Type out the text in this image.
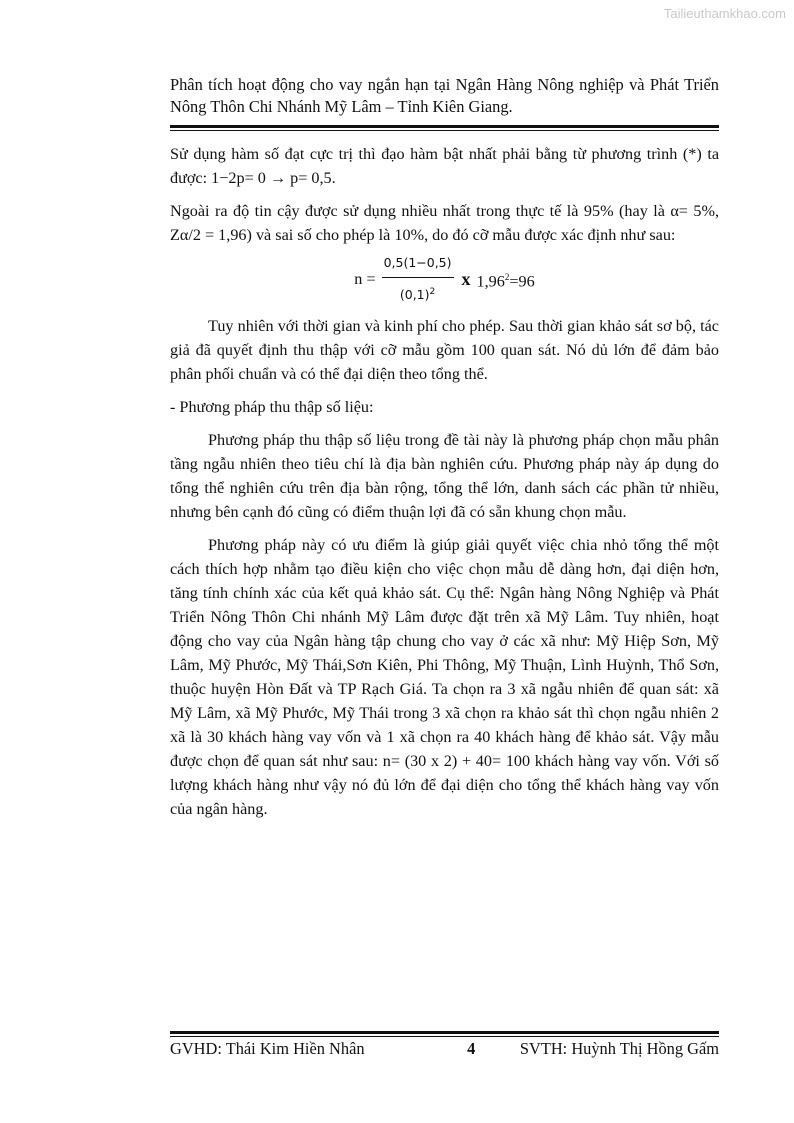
Tailieuthamkhao.com
Phân tích hoạt động cho vay ngắn hạn tại Ngân Hàng Nông nghiệp và Phát Triển Nông Thôn Chi Nhánh Mỹ Lâm – Tỉnh Kiên Giang.

Sử dụng hàm số đạt cực trị thì đạo hàm bật nhất phải bằng từ phương trình (*) ta được: 1−2p= 0 → p= 0,5.

Ngoài ra độ tin cậy được sử dụng nhiều nhất trong thực tế là 95% (hay là α= 5%, Zα/2 = 1,96) và sai số cho phép là 10%, do đó cỡ mẫu được xác định như sau:

$n = \frac{0,5(1-0,5)}{(0,1)^2}$ x $1,96^2=96$

Tuy nhiên với thời gian và kinh phí cho phép. Sau thời gian khảo sát sơ bộ, tác giả đã quyết định thu thập với cỡ mẫu gồm 100 quan sát. Nó dủ lớn để đảm bảo phân phối chuẩn và có thể đại diện theo tổng thể.

- Phương pháp thu thập số liệu:

Phương pháp thu thập số liệu trong đề tài này là phương pháp chọn mẫu phân tầng ngẫu nhiên theo tiêu chí là địa bàn nghiên cứu. Phương pháp này áp dụng do tổng thể nghiên cứu trên địa bàn rộng, tổng thể lớn, danh sách các phần tử nhiều, nhưng bên cạnh đó cũng có điểm thuận lợi đã có sẵn khung chọn mẫu.

Phương pháp này có ưu điểm là giúp giải quyết việc chia nhỏ tổng thể một cách thích hợp nhằm tạo điều kiện cho việc chọn mẫu dễ dàng hơn, đại diện hơn, tăng tính chính xác của kết quả khảo sát. Cụ thể: Ngân hàng Nông Nghiệp và Phát Triển Nông Thôn Chi nhánh Mỹ Lâm được đặt trên xã Mỹ Lâm. Tuy nhiên, hoạt động cho vay của Ngân hàng tập chung cho vay ở các xã như: Mỹ Hiệp Sơn, Mỹ Lâm, Mỹ Phước, Mỹ Thái,Sơn Kiên, Phi Thông, Mỹ Thuận, Lình Huỳnh, Thổ Sơn, thuộc huyện Hòn Đất và TP Rạch Giá. Ta chọn ra 3 xã ngẫu nhiên để quan sát: xã Mỹ Lâm, xã Mỹ Phước, Mỹ Thái trong 3 xã chọn ra khảo sát thì chọn ngẫu nhiên 2 xã là 30 khách hàng vay vốn và 1 xã chọn ra 40 khách hàng để khảo sát. Vậy mẫu được chọn để quan sát như sau: n= (30 x 2) + 40= 100 khách hàng vay vốn. Với số lượng khách hàng như vậy nó đủ lớn để đại diện cho tổng thể khách hàng vay vốn của ngân hàng.

GVHD: Thái Kim Hiền Nhân	4	SVTH: Huỳnh Thị Hồng Gấm
